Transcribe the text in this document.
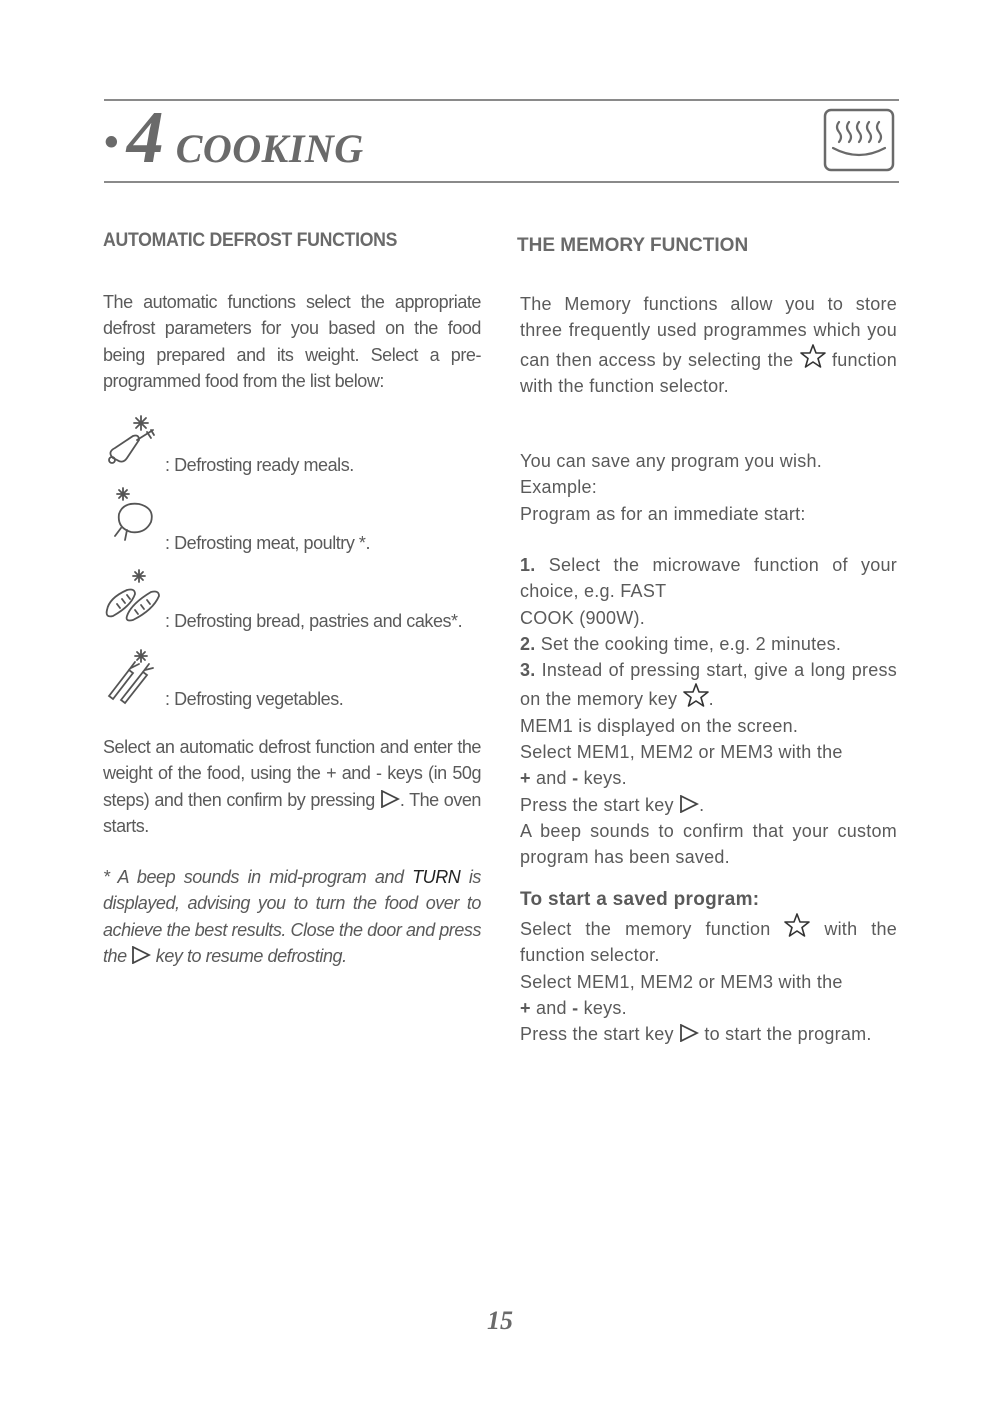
• 4 COOKING
AUTOMATIC DEFROST FUNCTIONS

The automatic functions select the appropriate defrost parameters for you based on the food being prepared and its weight. Select a pre-programmed food from the list below:

: Defrosting ready meals.
: Defrosting meat, poultry *.
: Defrosting bread, pastries and cakes*.
: Defrosting vegetables.

Select an automatic defrost function and enter the weight of the food, using the + and - keys (in 50g steps) and then confirm by pressing . The oven starts.

* A beep sounds in mid-program and TURN is displayed, advising you to turn the food over to achieve the best results. Close the door and press the  key to resume defrosting.

THE MEMORY FUNCTION

The Memory functions allow you to store three frequently used programmes which you can then access by selecting the  function with the function selector.

You can save any program you wish.
Example:
Program as for an immediate start:

1. Select the microwave function of your choice, e.g. FAST
COOK (900W).
2. Set the cooking time, e.g. 2 minutes.
3. Instead of pressing start, give a long press on the memory key .
MEM1 is displayed on the screen.
Select MEM1, MEM2 or MEM3 with the
+ and - keys.
Press the start key .
A beep sounds to confirm that your custom program has been saved.

To start a saved program:

Select the memory function  with the function selector.
Select MEM1, MEM2 or MEM3 with the
+ and - keys.
Press the start key  to start the program.

15
